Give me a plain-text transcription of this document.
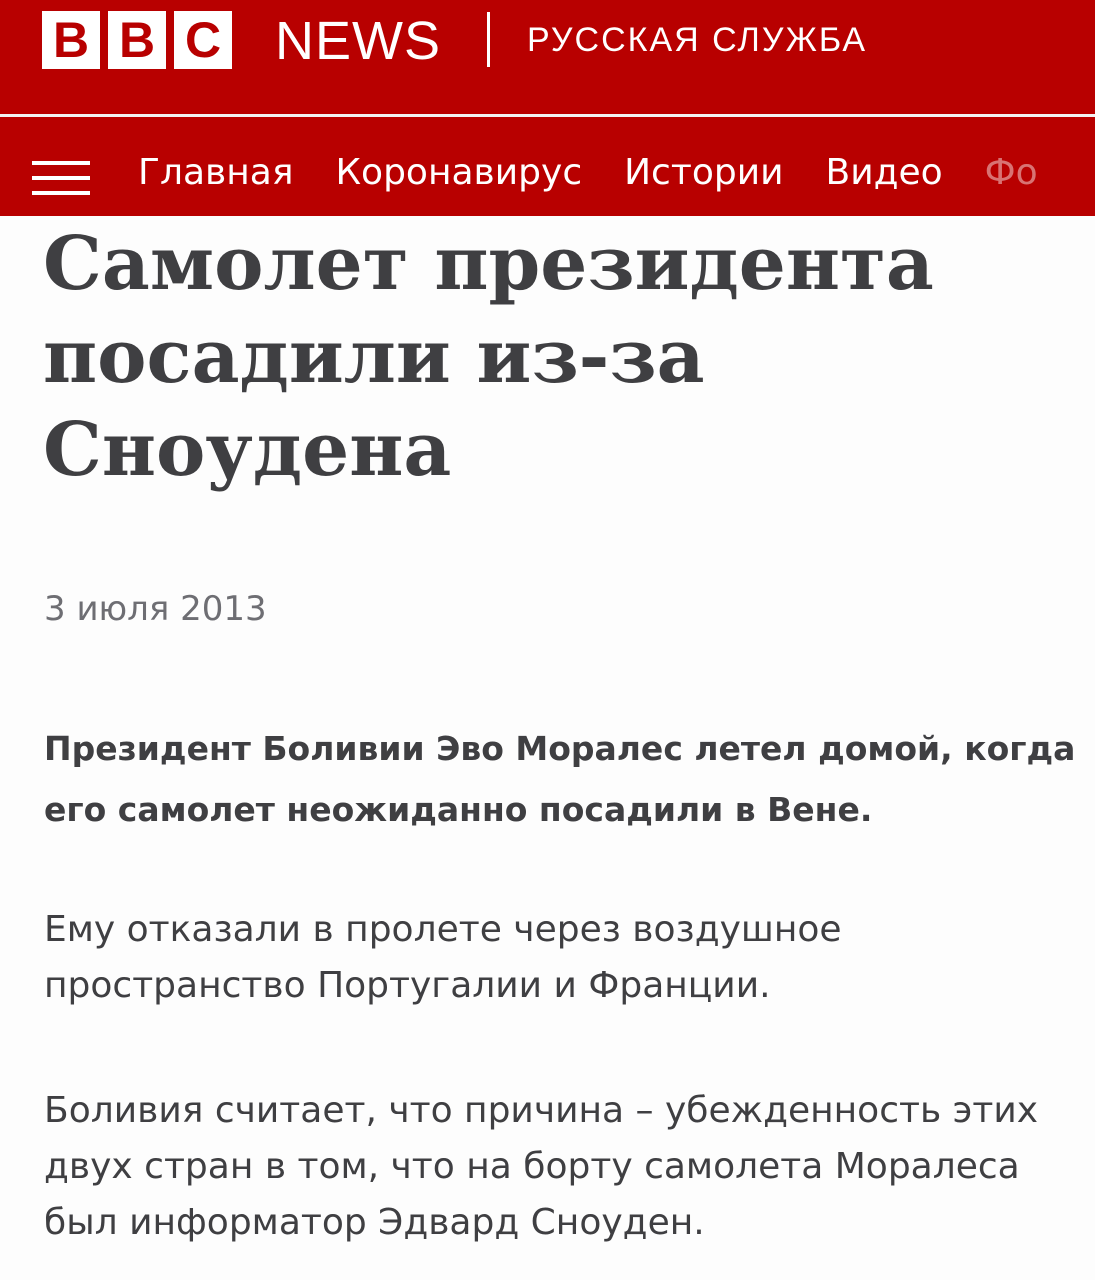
B B C NEWS	РУССКАЯ СЛУЖБА
Главная Коронавирус Истории Видео Фо
Самолет президента посадили из-за Сноудена
3 июля 2013

Президент Боливии Эво Моралес летел домой, когда его самолет неожиданно посадили в Вене.

Ему отказали в пролете через воздушное пространство Португалии и Франции.

Боливия считает, что причина – убежденность этих двух стран в том, что на борту самолета Моралеса был информатор Эдвард Сноуден.
